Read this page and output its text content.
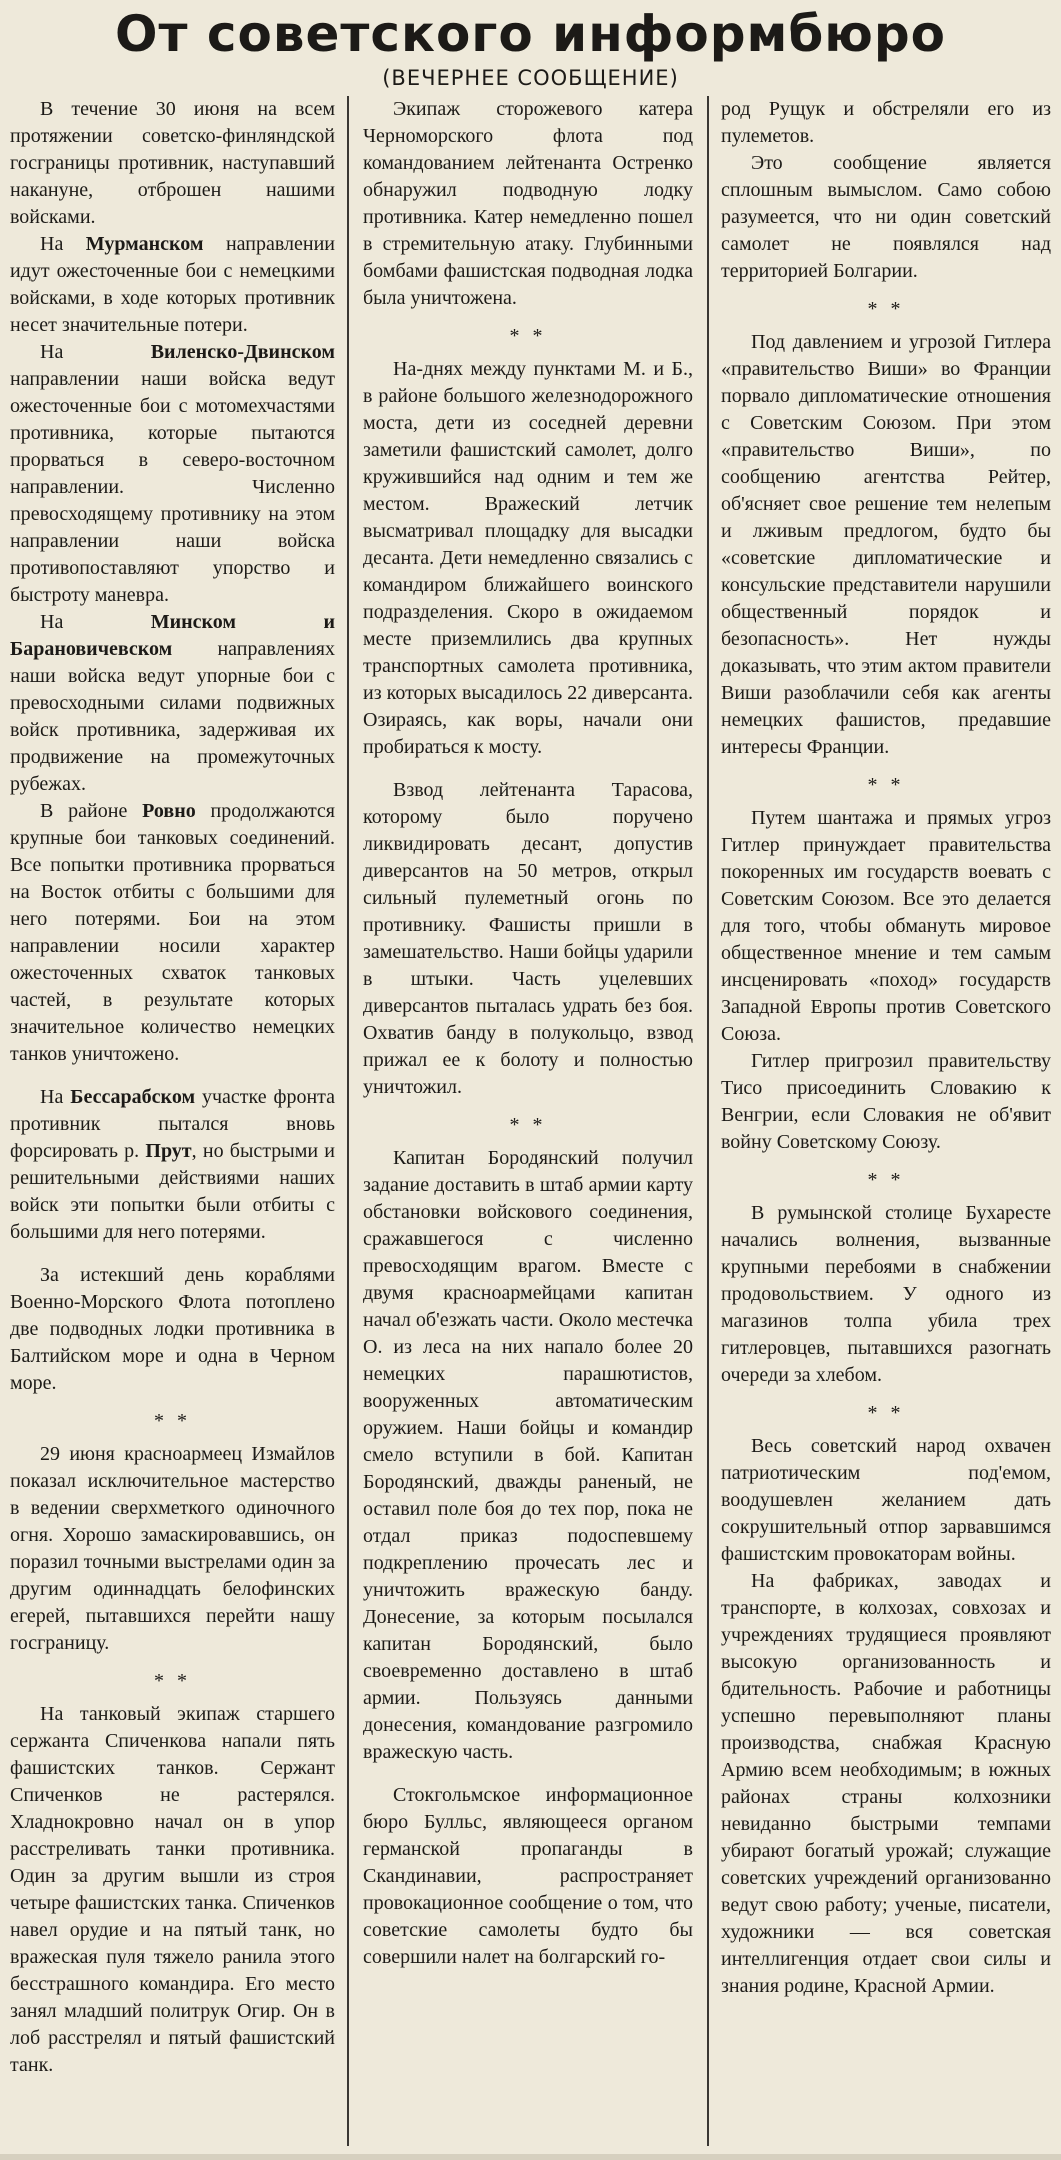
От советского информбюро
(ВЕЧЕРНЕЕ СООБЩЕНИЕ)

В течение 30 июня на всем протяжении советско-финляндской госграницы противник, наступавший накануне, отброшен нашими войсками.

На Мурманском направлении идут ожесточенные бои с немецкими войсками, в ходе которых противник несет значительные потери.

На Виленско-Двинском направлении наши войска ведут ожесточенные бои с мотомехчастями противника, которые пытаются прорваться в северо-восточном направлении. Численно превосходящему противнику на этом направлении наши войска противопоставляют упорство и быстроту маневра.

На Минском и Барановичевском направлениях наши войска ведут упорные бои с превосходными силами подвижных войск противника, задерживая их продвижение на промежуточных рубежах.

В районе Ровно продолжаются крупные бои танковых соединений. Все попытки противника прорваться на Восток отбиты с большими для него потерями. Бои на этом направлении носили характер ожесточенных схваток танковых частей, в результате которых значительное количество немецких танков уничтожено.

На Бессарабском участке фронта противник пытался вновь форсировать р. Прут, но быстрыми и решительными действиями наших войск эти попытки были отбиты с большими для него потерями.

За истекший день кораблями Военно-Морского Флота потоплено две подводных лодки противника в Балтийском море и одна в Черном море.

* *

29 июня красноармеец Измайлов показал исключительное мастерство в ведении сверхметкого одиночного огня. Хорошо замаскировавшись, он поразил точными выстрелами один за другим одиннадцать белофинских егерей, пытавшихся перейти нашу госграницу.

* *

На танковый экипаж старшего сержанта Спиченкова напали пять фашистских танков. Сержант Спиченков не растерялся. Хладнокровно начал он в упор расстреливать танки противника. Один за другим вышли из строя четыре фашистских танка. Спиченков навел орудие и на пятый танк, но вражеская пуля тяжело ранила этого бесстрашного командира. Его место занял младший политрук Огир. Он в лоб расстрелял и пятый фашистский танк.

Экипаж сторожевого катера Черноморского флота под командованием лейтенанта Остренко обнаружил подводную лодку противника. Катер немедленно пошел в стремительную атаку. Глубинными бомбами фашистская подводная лодка была уничтожена.

* *

На-днях между пунктами М. и Б., в районе большого железнодорожного моста, дети из соседней деревни заметили фашистский самолет, долго кружившийся над одним и тем же местом. Вражеский летчик высматривал площадку для высадки десанта. Дети немедленно связались с командиром ближайшего воинского подразделения. Скоро в ожидаемом месте приземлились два крупных транспортных самолета противника, из которых высадилось 22 диверсанта. Озираясь, как воры, начали они пробираться к мосту.

Взвод лейтенанта Тарасова, которому было поручено ликвидировать десант, допустив диверсантов на 50 метров, открыл сильный пулеметный огонь по противнику. Фашисты пришли в замешательство. Наши бойцы ударили в штыки. Часть уцелевших диверсантов пыталась удрать без боя. Охватив банду в полукольцо, взвод прижал ее к болоту и полностью уничтожил.

* *

Капитан Бородянский получил задание доставить в штаб армии карту обстановки войскового соединения, сражавшегося с численно превосходящим врагом. Вместе с двумя красноармейцами капитан начал об'езжать части. Около местечка О. из леса на них напало более 20 немецких парашютистов, вооруженных автоматическим оружием. Наши бойцы и командир смело вступили в бой. Капитан Бородянский, дважды раненый, не оставил поле боя до тех пор, пока не отдал приказ подоспевшему подкреплению прочесать лес и уничтожить вражескую банду. Донесение, за которым посылался капитан Бородянский, было своевременно доставлено в штаб армии. Пользуясь данными донесения, командование разгромило вражескую часть.

Стокгольмское информационное бюро Булльс, являющееся органом германской пропаганды в Скандинавии, распространяет провокационное сообщение о том, что советские самолеты будто бы совершили налет на болгарский го-

род Рущук и обстреляли его из пулеметов.

Это сообщение является сплошным вымыслом. Само собою разумеется, что ни один советский самолет не появлялся над территорией Болгарии.

* *

Под давлением и угрозой Гитлера «правительство Виши» во Франции порвало дипломатические отношения с Советским Союзом. При этом «правительство Виши», по сообщению агентства Рейтер, об'ясняет свое решение тем нелепым и лживым предлогом, будто бы «советские дипломатические и консульские представители нарушили общественный порядок и безопасность». Нет нужды доказывать, что этим актом правители Виши разоблачили себя как агенты немецких фашистов, предавшие интересы Франции.

* *

Путем шантажа и прямых угроз Гитлер принуждает правительства покоренных им государств воевать с Советским Союзом. Все это делается для того, чтобы обмануть мировое общественное мнение и тем самым инсценировать «поход» государств Западной Европы против Советского Союза.

Гитлер пригрозил правительству Тисо присоединить Словакию к Венгрии, если Словакия не об'явит войну Советскому Союзу.

* *

В румынской столице Бухаресте начались волнения, вызванные крупными перебоями в снабжении продовольствием. У одного из магазинов толпа убила трех гитлеровцев, пытавшихся разогнать очереди за хлебом.

* *

Весь советский народ охвачен патриотическим под'емом, воодушевлен желанием дать сокрушительный отпор зарвавшимся фашистским провокаторам войны.

На фабриках, заводах и транспорте, в колхозах, совхозах и учреждениях трудящиеся проявляют высокую организованность и бдительность. Рабочие и работницы успешно перевыполняют планы производства, снабжая Красную Армию всем необходимым; в южных районах страны колхозники невиданно быстрыми темпами убирают богатый урожай; служащие советских учреждений организованно ведут свою работу; ученые, писатели, художники — вся советская интеллигенция отдает свои силы и знания родине, Красной Армии.
